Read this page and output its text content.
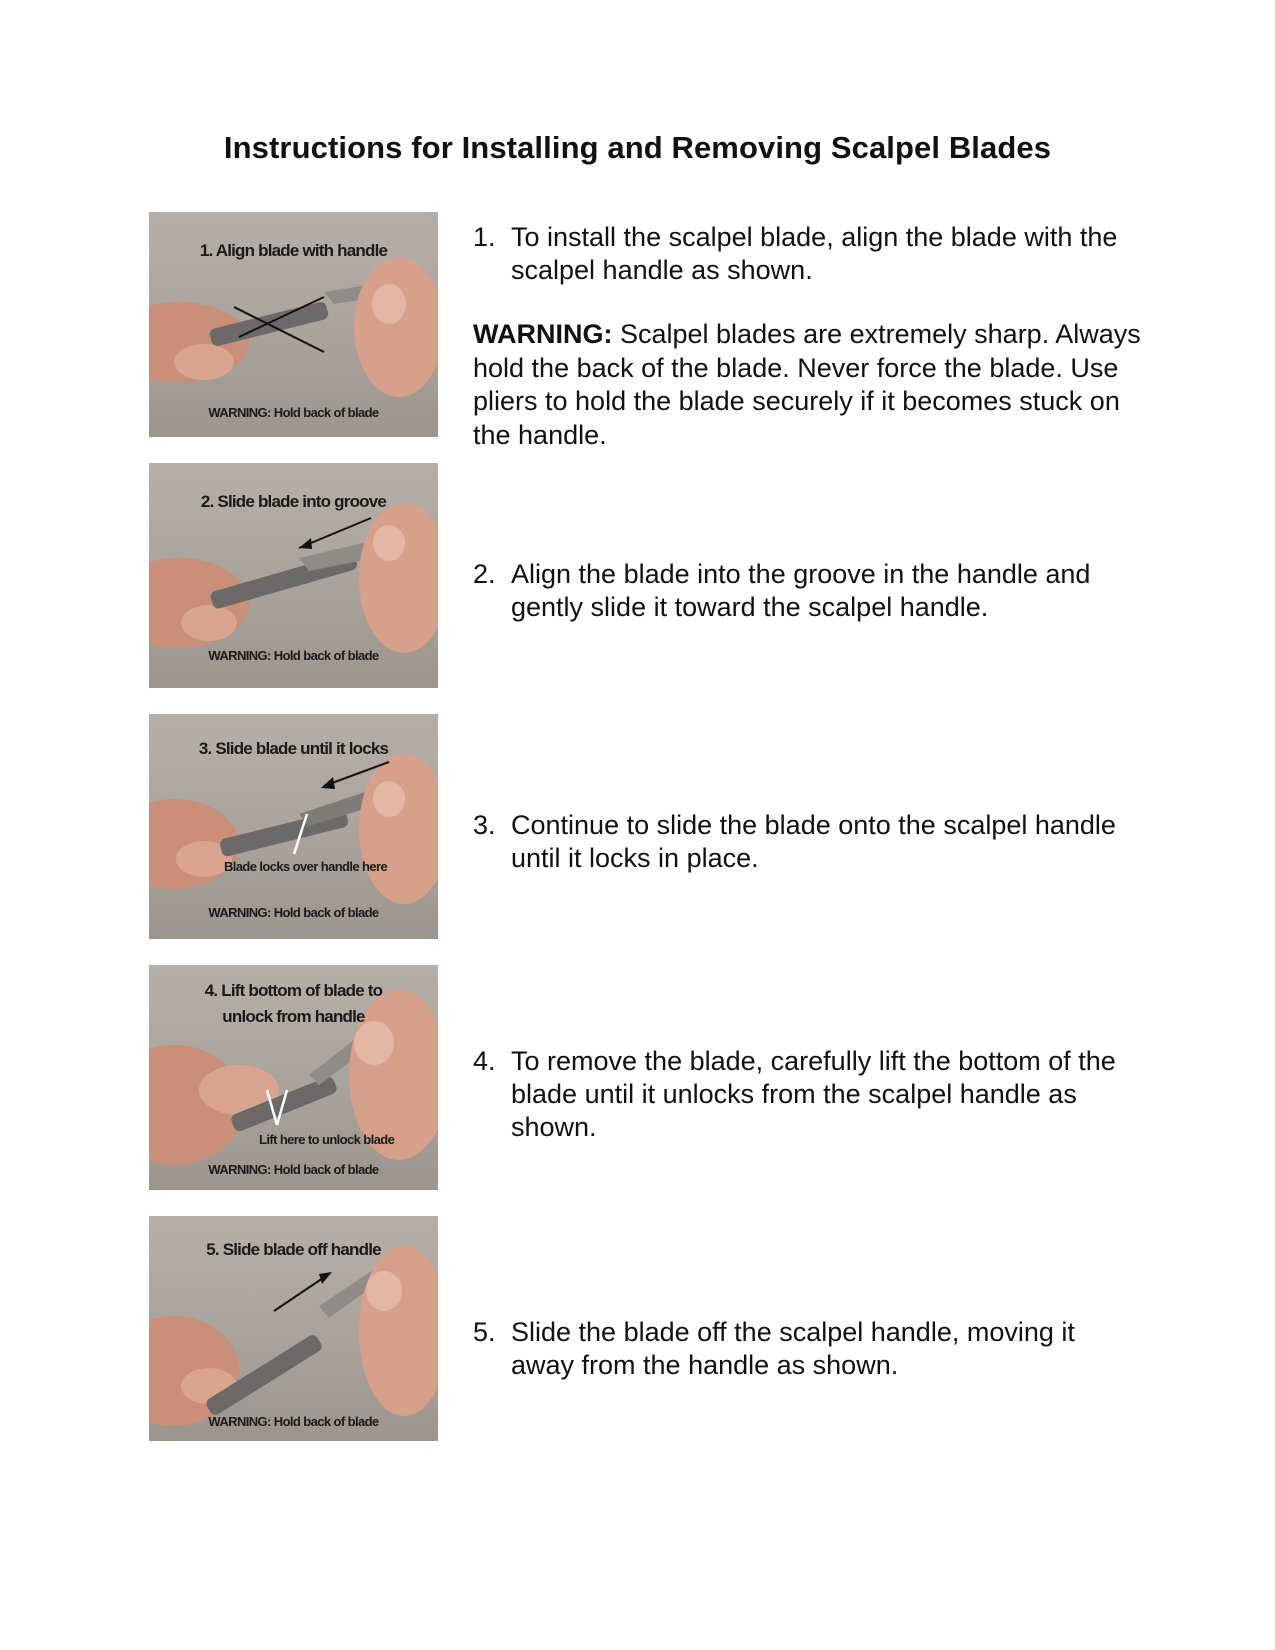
Instructions for Installing and Removing Scalpel Blades
1. Align blade with handle
WARNING: Hold back of blade
2. Slide blade into groove
WARNING: Hold back of blade
3. Slide blade until it locks
Blade locks over handle here
WARNING: Hold back of blade
4. Lift bottom of blade to
unlock from handle
Lift here to unlock blade
WARNING: Hold back of blade
5. Slide blade off handle
WARNING: Hold back of blade
1. To install the scalpel blade, align the blade with the scalpel handle as shown.
WARNING: Scalpel blades are extremely sharp. Always hold the back of the blade. Never force the blade. Use pliers to hold the blade securely if it becomes stuck on the handle.
2. Align the blade into the groove in the handle and gently slide it toward the scalpel handle.
3. Continue to slide the blade onto the scalpel handle until it locks in place.
4. To remove the blade, carefully lift the bottom of the blade until it unlocks from the scalpel handle as shown.
5. Slide the blade off the scalpel handle, moving it away from the handle as shown.
